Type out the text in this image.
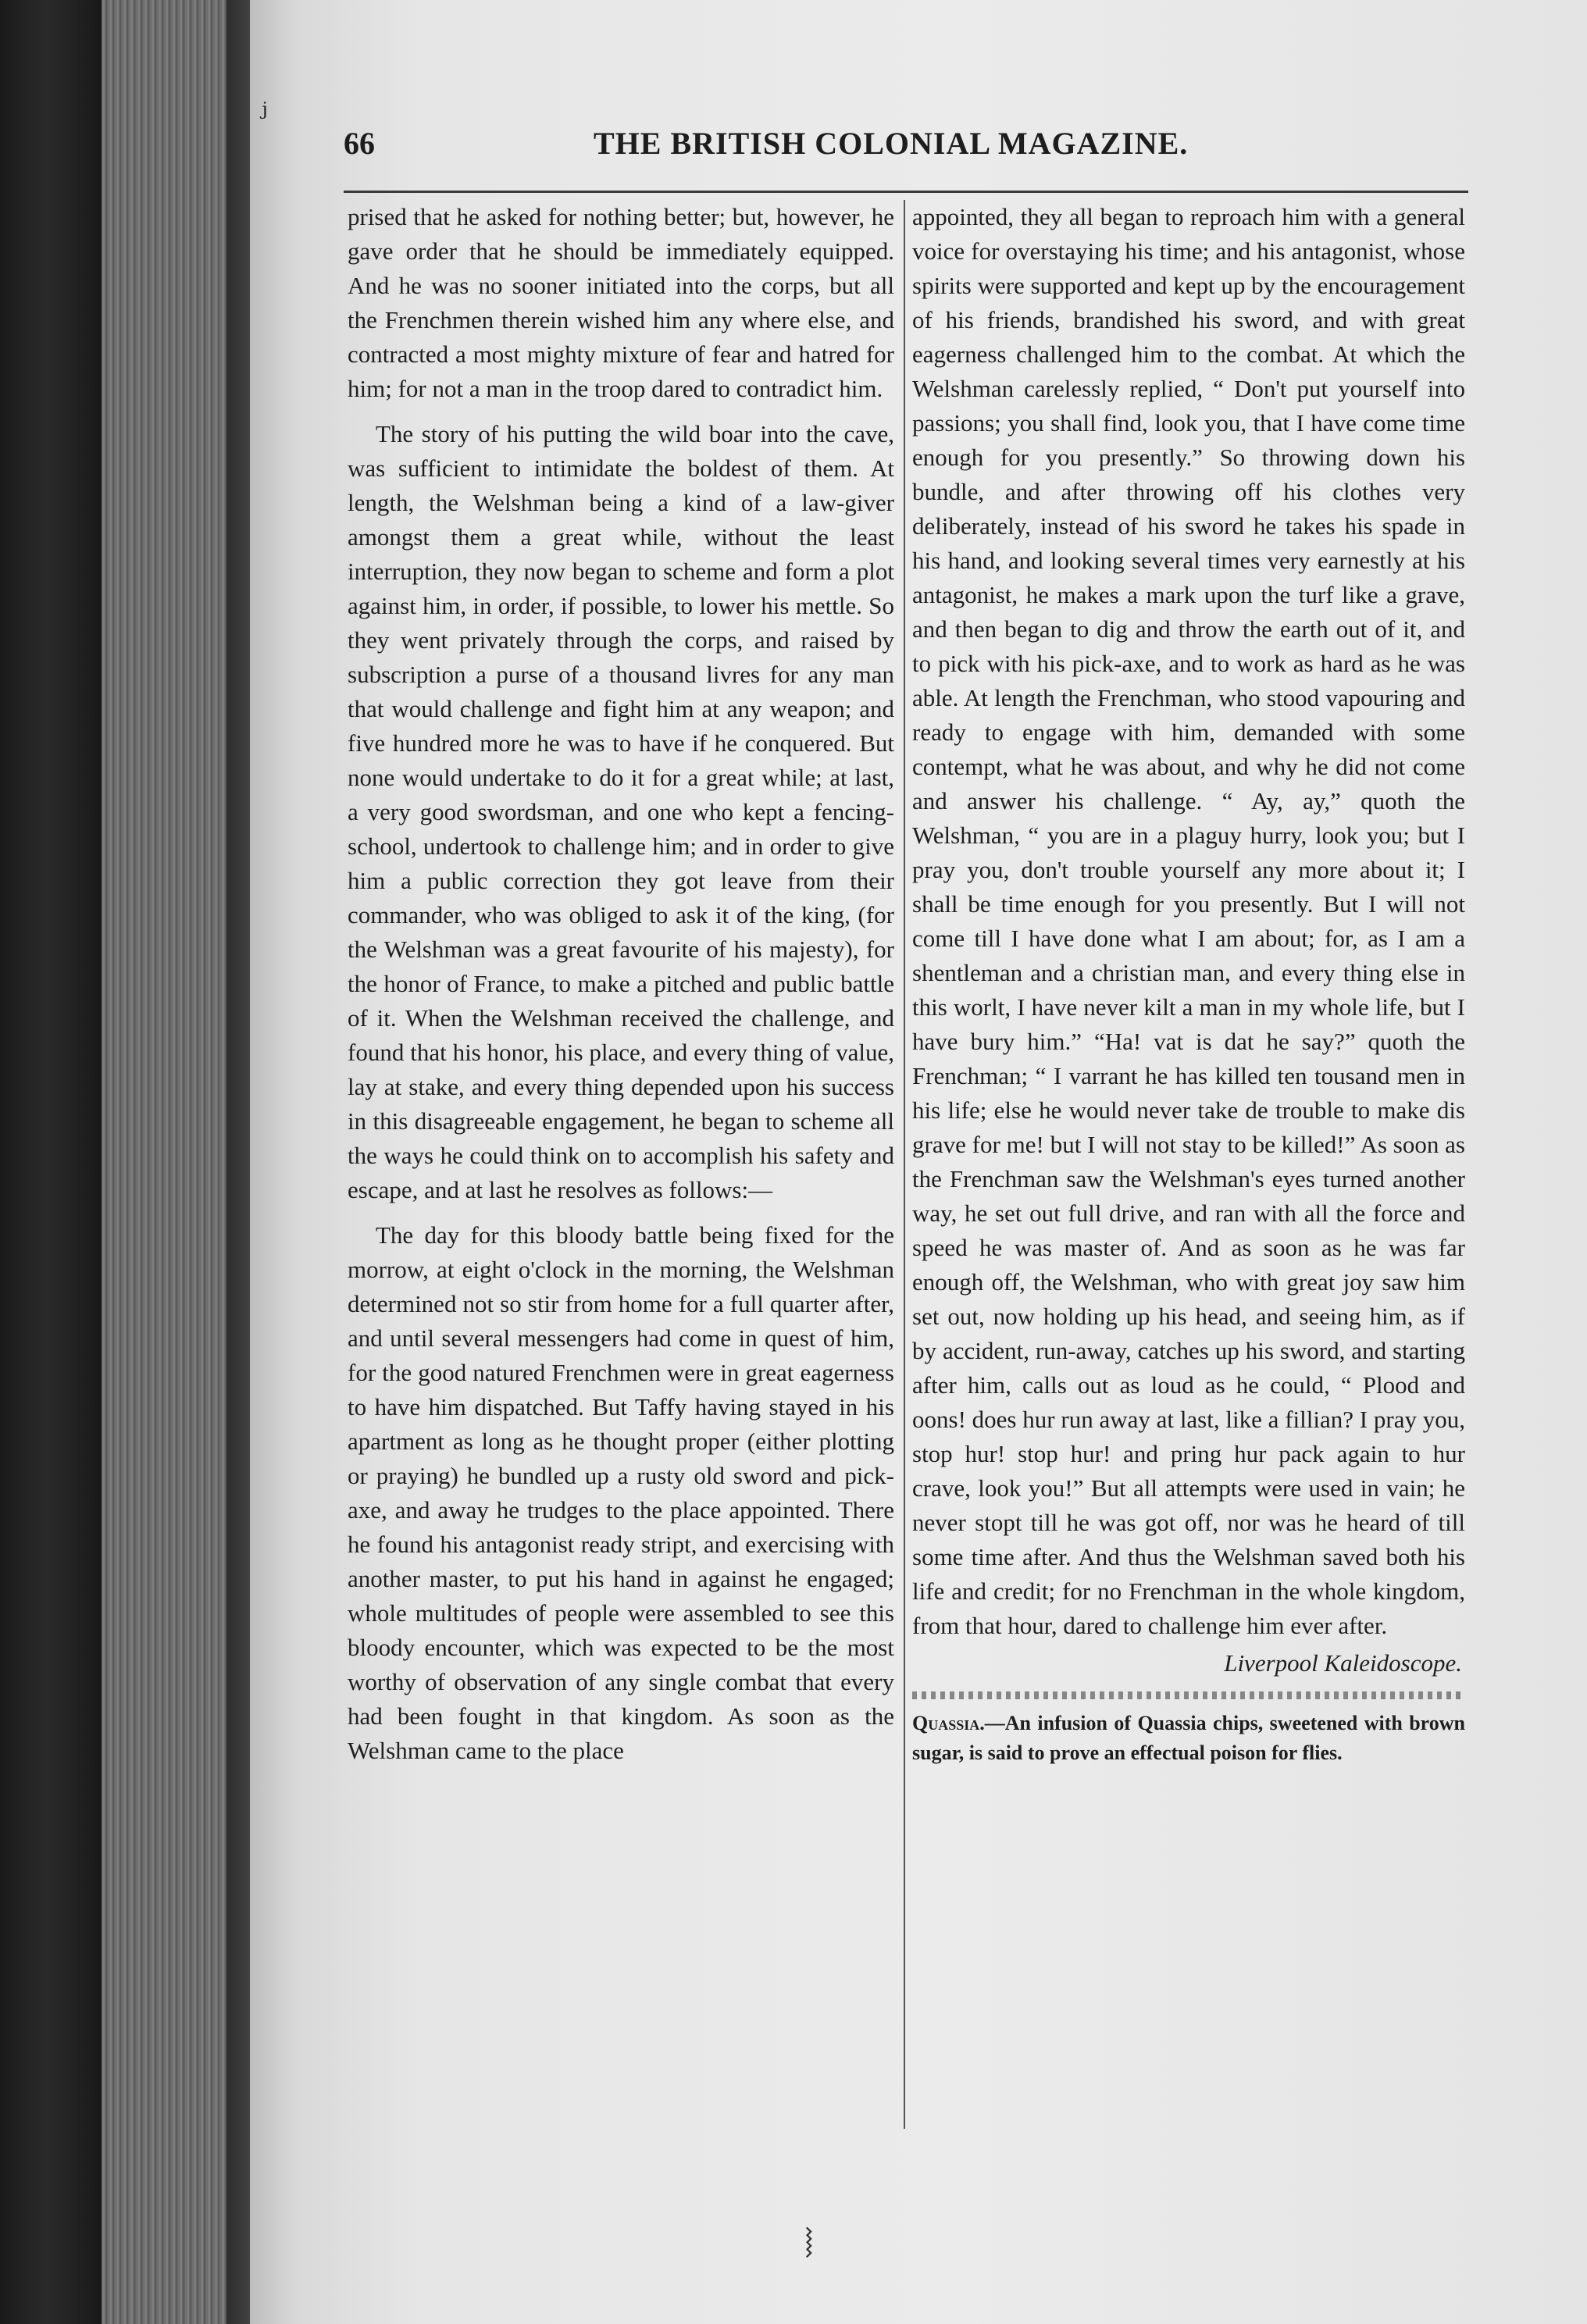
ⱼ
66	THE BRITISH COLONIAL MAGAZINE.

prised that he asked for nothing better; but, however, he gave order that he should be immediately equipped. And he was no sooner initiated into the corps, but all the Frenchmen therein wished him any where else, and contracted a most mighty mixture of fear and hatred for him; for not a man in the troop dared to contradict him.

The story of his putting the wild boar into the cave, was sufficient to intimidate the boldest of them. At length, the Welshman being a kind of a law-giver amongst them a great while, without the least interruption, they now began to scheme and form a plot against him, in order, if possible, to lower his mettle. So they went privately through the corps, and raised by subscription a purse of a thousand livres for any man that would challenge and fight him at any weapon; and five hundred more he was to have if he conquered. But none would undertake to do it for a great while; at last, a very good swordsman, and one who kept a fencing-school, undertook to challenge him; and in order to give him a public correction they got leave from their commander, who was obliged to ask it of the king, (for the Welshman was a great favourite of his majesty), for the honor of France, to make a pitched and public battle of it. When the Welshman received the challenge, and found that his honor, his place, and every thing of value, lay at stake, and every thing depended upon his success in this disagreeable engagement, he began to scheme all the ways he could think on to accomplish his safety and escape, and at last he resolves as follows:—

The day for this bloody battle being fixed for the morrow, at eight o'clock in the morning, the Welshman determined not so stir from home for a full quarter after, and until several messengers had come in quest of him, for the good natured Frenchmen were in great eagerness to have him dispatched. But Taffy having stayed in his apartment as long as he thought proper (either plotting or praying) he bundled up a rusty old sword and pick-axe, and away he trudges to the place appointed. There he found his antagonist ready stript, and exercising with another master, to put his hand in against he engaged; whole multitudes of people were assembled to see this bloody encounter, which was expected to be the most worthy of observation of any single combat that every had been fought in that kingdom. As soon as the Welshman came to the place

appointed, they all began to reproach him with a general voice for overstaying his time; and his antagonist, whose spirits were supported and kept up by the encouragement of his friends, brandished his sword, and with great eagerness challenged him to the combat. At which the Welshman carelessly replied, “ Don't put yourself into passions; you shall find, look you, that I have come time enough for you presently.” So throwing down his bundle, and after throwing off his clothes very deliberately, instead of his sword he takes his spade in his hand, and looking several times very earnestly at his antagonist, he makes a mark upon the turf like a grave, and then began to dig and throw the earth out of it, and to pick with his pick-axe, and to work as hard as he was able. At length the Frenchman, who stood vapouring and ready to engage with him, demanded with some contempt, what he was about, and why he did not come and answer his challenge. “ Ay, ay,” quoth the Welshman, “ you are in a plaguy hurry, look you; but I pray you, don't trouble yourself any more about it; I shall be time enough for you presently. But I will not come till I have done what I am about; for, as I am a shentleman and a christian man, and every thing else in this worlt, I have never kilt a man in my whole life, but I have bury him.” “Ha! vat is dat he say?” quoth the Frenchman; “ I varrant he has killed ten tousand men in his life; else he would never take de trouble to make dis grave for me! but I will not stay to be killed!” As soon as the Frenchman saw the Welshman's eyes turned another way, he set out full drive, and ran with all the force and speed he was master of. And as soon as he was far enough off, the Welshman, who with great joy saw him set out, now holding up his head, and seeing him, as if by accident, run-away, catches up his sword, and starting after him, calls out as loud as he could, “ Plood and oons! does hur run away at last, like a fillian? I pray you, stop hur! stop hur! and pring hur pack again to hur crave, look you!” But all attempts were used in vain; he never stopt till he was got off, nor was he heard of till some time after. And thus the Welshman saved both his life and credit; for no Frenchman in the whole kingdom, from that hour, dared to challenge him ever after.

Liverpool Kaleidoscope.

Quassia.—An infusion of Quassia chips, sweetened with brown sugar, is said to prove an effectual poison for flies.

⧘
